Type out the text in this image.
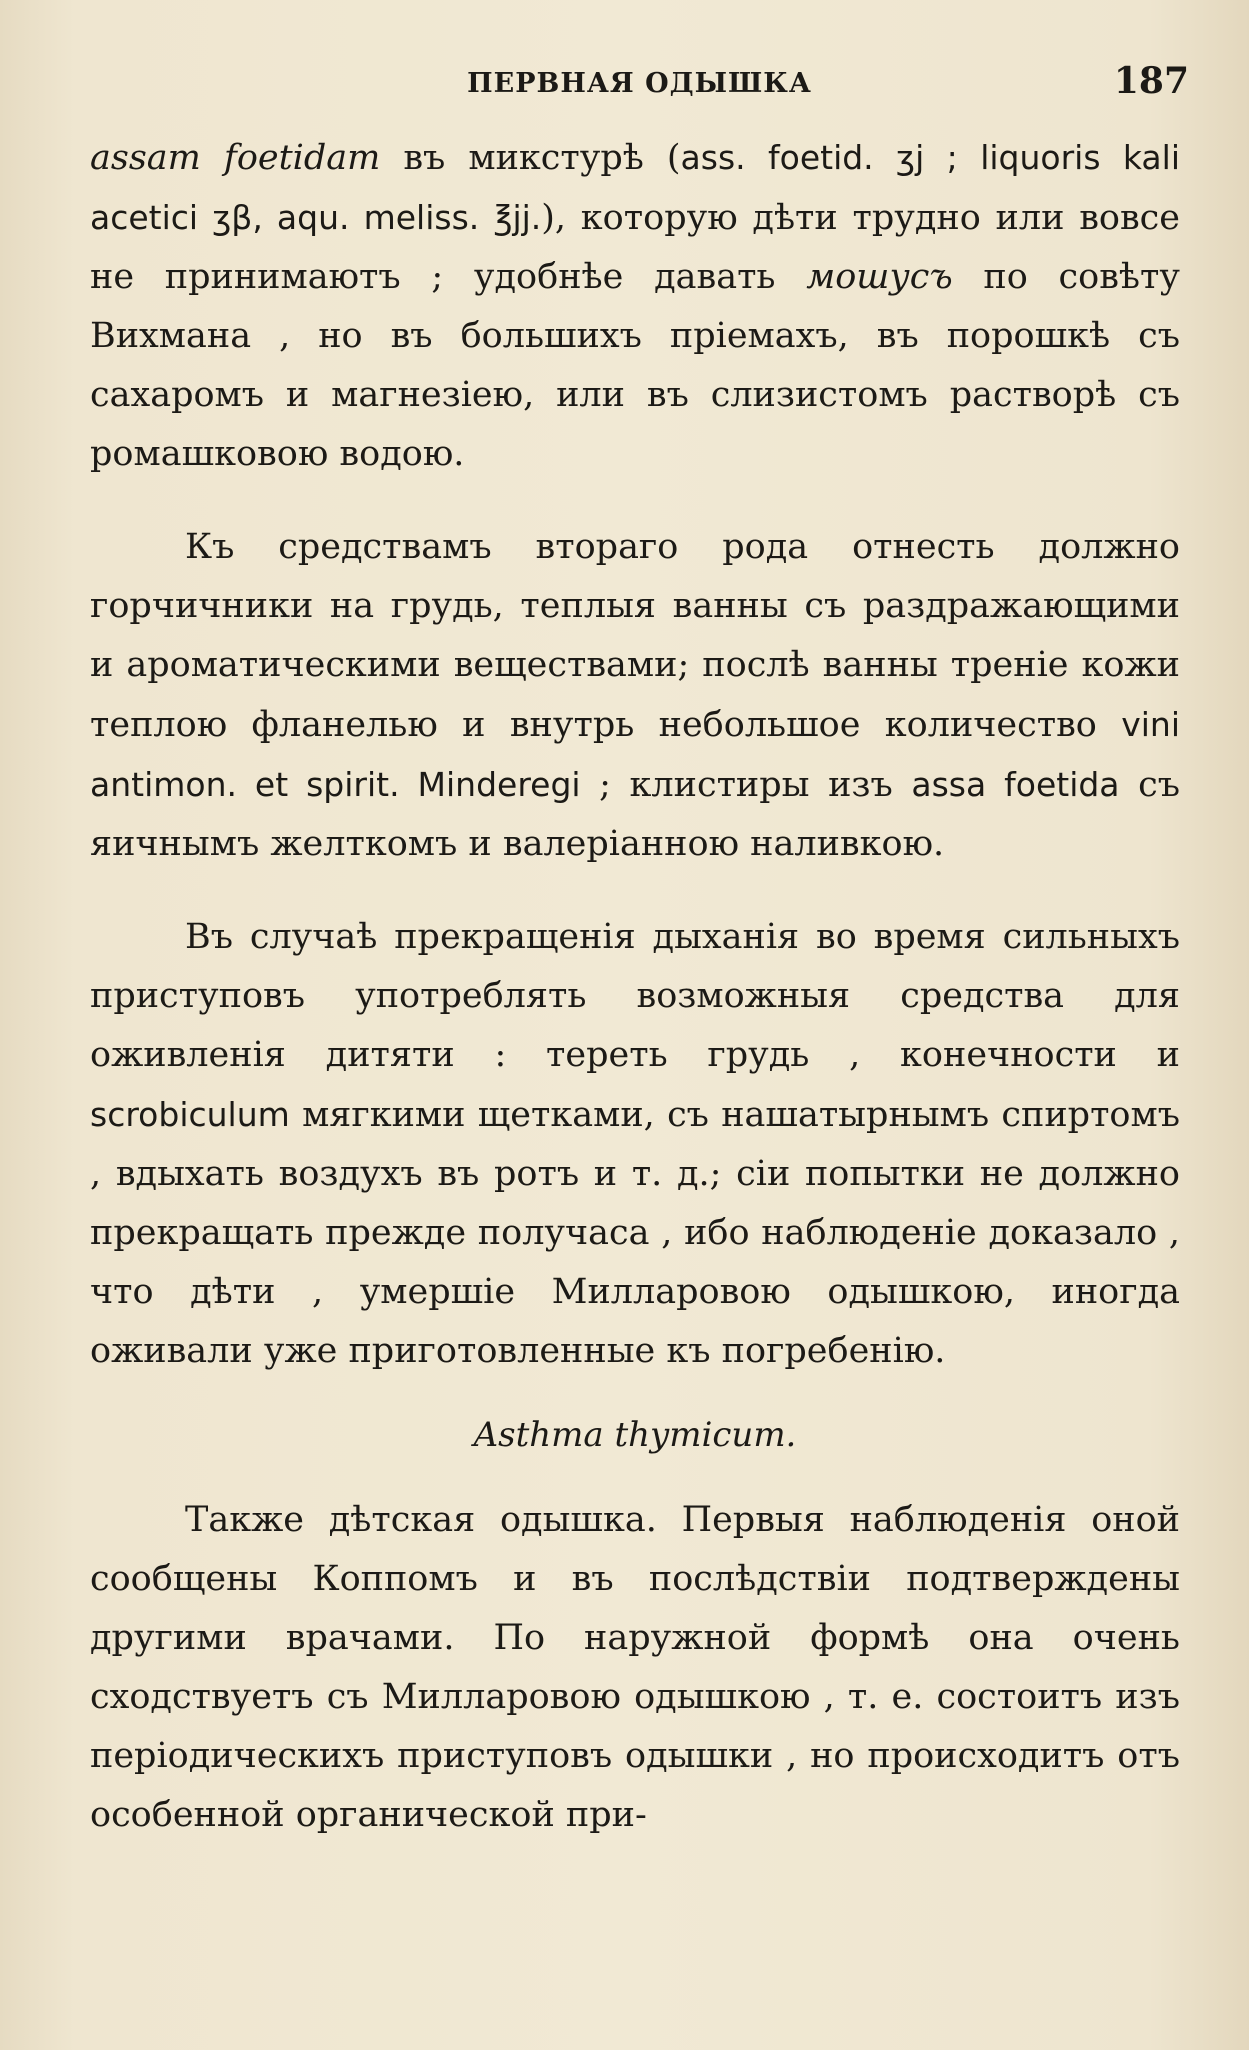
ПЕРВНАЯ ОДЫШКА	187

assam foetidam въ микстурѣ (ass. foetid. ʒj ; liquoris kali acetici ʒβ, aqu. meliss. ℥jj.), которую дѣти трудно или вовсе не принимаютъ ; удобнѣе давать мошусъ по совѣту Вихмана , но въ большихъ пріемахъ, въ порошкѣ съ сахаромъ и магнезіею, или въ слизистомъ растворѣ съ ромашковою водою.

Къ средствамъ втораго рода отнесть должно горчичники на грудь, теплыя ванны съ раздражающими и ароматическими веществами; послѣ ванны треніе кожи теплою фланелью и внутрь небольшое количество vini antimon. et spirit. Minderegi ; клистиры изъ assa foetida съ яичнымъ желткомъ и валеріанною наливкою.

Въ случаѣ прекращенія дыханія во время сильныхъ приступовъ употреблять возможныя средства для оживленія дитяти : тереть грудь , конечности и scrobiculum мягкими щетками, съ нашатырнымъ спиртомъ , вдыхать воздухъ въ ротъ и т. д.; сіи попытки не должно прекращать прежде получаса , ибо наблюденіе доказало , что дѣти , умершіе Милларовою одышкою, иногда оживали уже приготовленные къ погребенію.

Asthma thymicum.

Также дѣтская одышка. Первыя наблюденія оной сообщены Коппомъ и въ послѣдствіи подтверждены другими врачами. По наружной формѣ она очень сходствуетъ съ Милларовою одышкою , т. е. состоитъ изъ періодическихъ приступовъ одышки , но происходитъ отъ особенной органической при-
